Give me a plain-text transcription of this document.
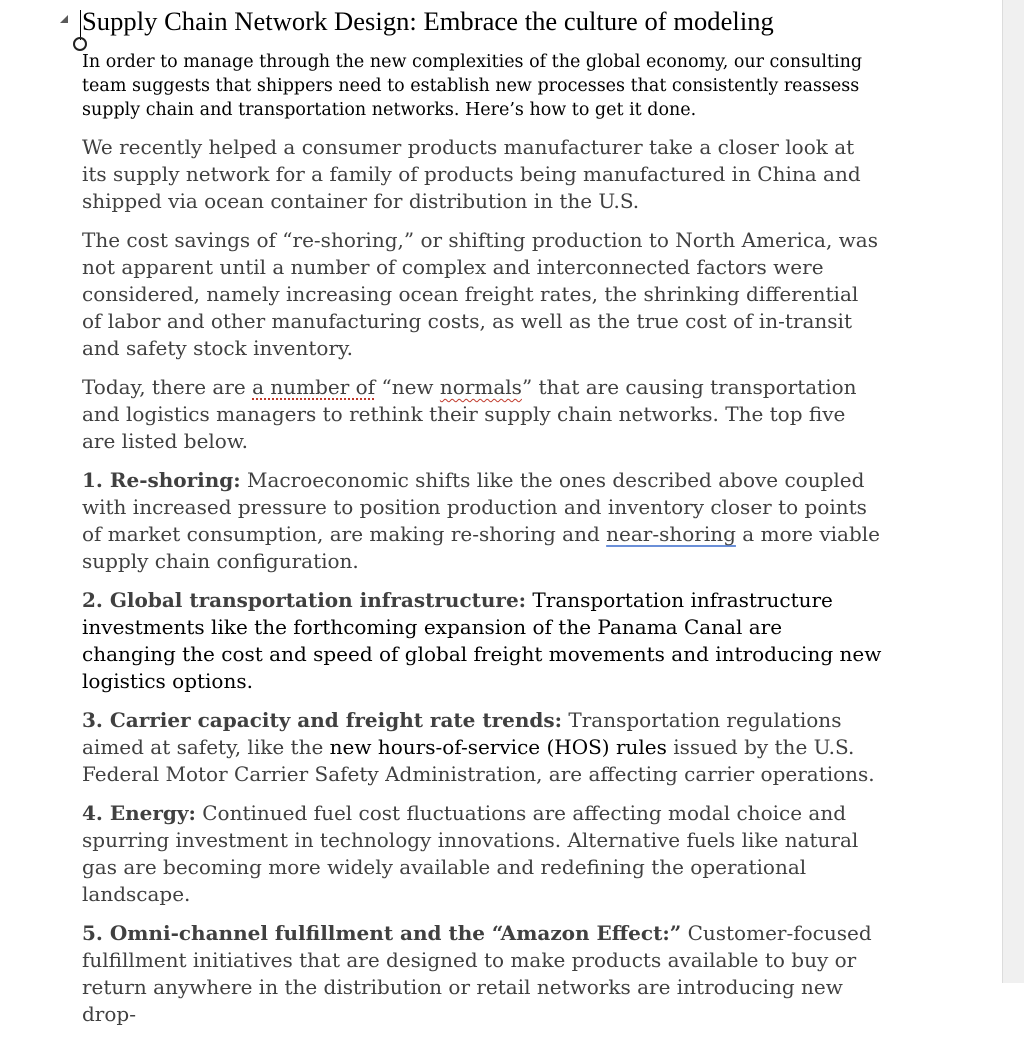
Supply Chain Network Design: Embrace the culture of modeling

In order to manage through the new complexities of the global economy, our consulting team suggests that shippers need to establish new processes that consistently reassess supply chain and transportation networks. Here’s how to get it done.

We recently helped a consumer products manufacturer take a closer look at its supply network for a family of products being manufactured in China and shipped via ocean container for distribution in the U.S.

The cost savings of “re-shoring,” or shifting production to North America, was not apparent until a number of complex and interconnected factors were considered, namely increasing ocean freight rates, the shrinking differential of labor and other manufacturing costs, as well as the true cost of in-transit and safety stock inventory.

Today, there are a number of “new normals” that are causing transportation and logistics managers to rethink their supply chain networks. The top five are listed below.

1. Re-shoring: Macroeconomic shifts like the ones described above coupled with increased pressure to position production and inventory closer to points of market consumption, are making re-shoring and near-shoring a more viable supply chain configuration.

2. Global transportation infrastructure: Transportation infrastructure investments like the forthcoming expansion of the Panama Canal are changing the cost and speed of global freight movements and introducing new logistics options.

3. Carrier capacity and freight rate trends: Transportation regulations aimed at safety, like the new hours-of-service (HOS) rules issued by the U.S. Federal Motor Carrier Safety Administration, are affecting carrier operations.

4. Energy: Continued fuel cost fluctuations are affecting modal choice and spurring investment in technology innovations. Alternative fuels like natural gas are becoming more widely available and redefining the operational landscape.

5. Omni-channel fulfillment and the “Amazon Effect:” Customer-focused fulfillment initiatives that are designed to make products available to buy or return anywhere in the distribution or retail networks are introducing new drop-
